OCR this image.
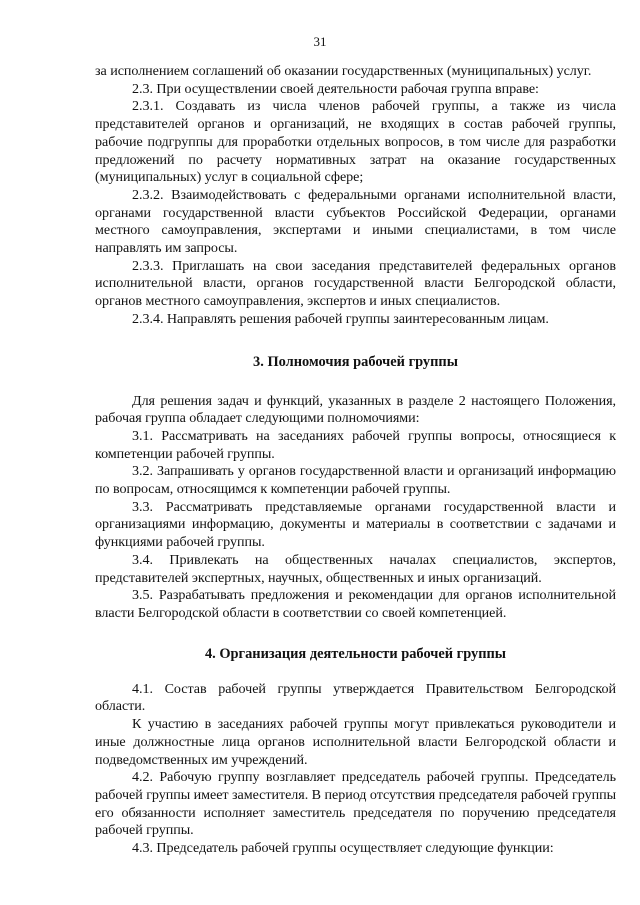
31

за исполнением соглашений об оказании государственных (муниципальных) услуг.

2.3. При осуществлении своей деятельности рабочая группа вправе:

2.3.1. Создавать из числа членов рабочей группы, а также из числа представителей органов и организаций, не входящих в состав рабочей группы, рабочие подгруппы для проработки отдельных вопросов, в том числе для разработки предложений по расчету нормативных затрат на оказание государственных (муниципальных) услуг в социальной сфере;

2.3.2. Взаимодействовать с федеральными органами исполнительной власти, органами государственной власти субъектов Российской Федерации, органами местного самоуправления, экспертами и иными специалистами, в том числе направлять им запросы.

2.3.3. Приглашать на свои заседания представителей федеральных органов исполнительной власти, органов государственной власти Белгородской области, органов местного самоуправления, экспертов и иных специалистов.

2.3.4. Направлять решения рабочей группы заинтересованным лицам.

3. Полномочия рабочей группы

Для решения задач и функций, указанных в разделе 2 настоящего Положения, рабочая группа обладает следующими полномочиями:

3.1. Рассматривать на заседаниях рабочей группы вопросы, относящиеся к компетенции рабочей группы.

3.2. Запрашивать у органов государственной власти и организаций информацию по вопросам, относящимся к компетенции рабочей группы.

3.3. Рассматривать представляемые органами государственной власти и организациями информацию, документы и материалы в соответствии с задачами и функциями рабочей группы.

3.4. Привлекать на общественных началах специалистов, экспертов, представителей экспертных, научных, общественных и иных организаций.

3.5. Разрабатывать предложения и рекомендации для органов исполнительной власти Белгородской области в соответствии со своей компетенцией.

4. Организация деятельности рабочей группы

4.1. Состав рабочей группы утверждается Правительством Белгородской области.

К участию в заседаниях рабочей группы могут привлекаться руководители и иные должностные лица органов исполнительной власти Белгородской области и подведомственных им учреждений.

4.2. Рабочую группу возглавляет председатель рабочей группы. Председатель рабочей группы имеет заместителя. В период отсутствия председателя рабочей группы его обязанности исполняет заместитель председателя по поручению председателя рабочей группы.

4.3. Председатель рабочей группы осуществляет следующие функции:
